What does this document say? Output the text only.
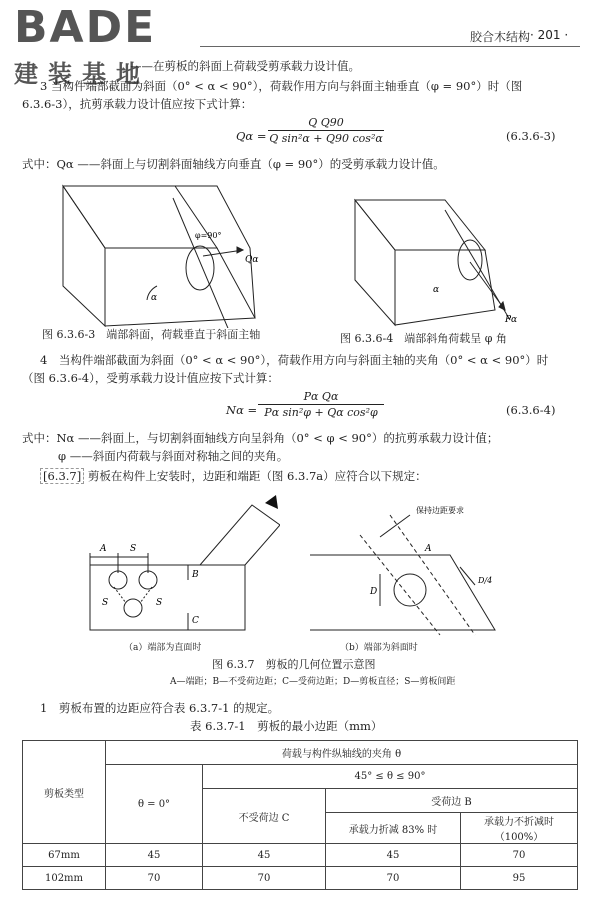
BADE
建装基地
胶合木结构 · 201 ·
——在剪板的斜面上荷载受剪承载力设计值。
3 当构件端部截面为斜面（0° < α < 90°），荷载作用方向与斜面主轴垂直（φ = 90°）时（图
6.3.6-3），抗剪承载力设计值应按下式计算：
Qα =
Q Q90
Q sin²α + Q90 cos²α	(6.3.6-3)
式中：Qα ——斜面上与切割斜面轴线方向垂直（φ = 90°）的受剪承载力设计值。
φ=90°
Qα
α
α
Pα
图 6.3.6-3　端部斜面，荷载垂直于斜面主轴	图 6.3.6-4　端部斜角荷载呈 φ 角
4　当构件端部截面为斜面（0° < α < 90°），荷载作用方向与斜面主轴的夹角（0° < α < 90°）时
（图 6.3.6-4），受剪承载力设计值应按下式计算：
Nα =
Pα Qα
Pα sin²φ + Qα cos²φ	(6.3.6-4)
式中：Nα ——斜面上，与切割斜面轴线方向呈斜角（0° < φ < 90°）的抗剪承载力设计值；
φ ——斜面内荷载与斜面对称轴之间的夹角。
[6.3.7] 剪板在构件上安装时，边距和端距（图 6.3.7a）应符合以下规定：
A	S
B
C
S	S
保持边距要求
A
D
D/4
（a）端部为直面时	（b）端部为斜面时
图 6.3.7　剪板的几何位置示意图
A—端距；B—不受荷边距；C—受荷边距；D—剪板直径；S—剪板间距
1　剪板布置的边距应符合表 6.3.7-1 的规定。
表 6.3.7-1　剪板的最小边距（mm）
剪板类型	荷载与构件纵轴线的夹角 θ			
	θ = 0°	45° ≤ θ ≤ 90°		
		不受荷边 C	受荷边 B	
			承载力折减 83% 时	承载力不折减时（100%）
67mm	45	45	45	70
102mm	70	70	70	95
